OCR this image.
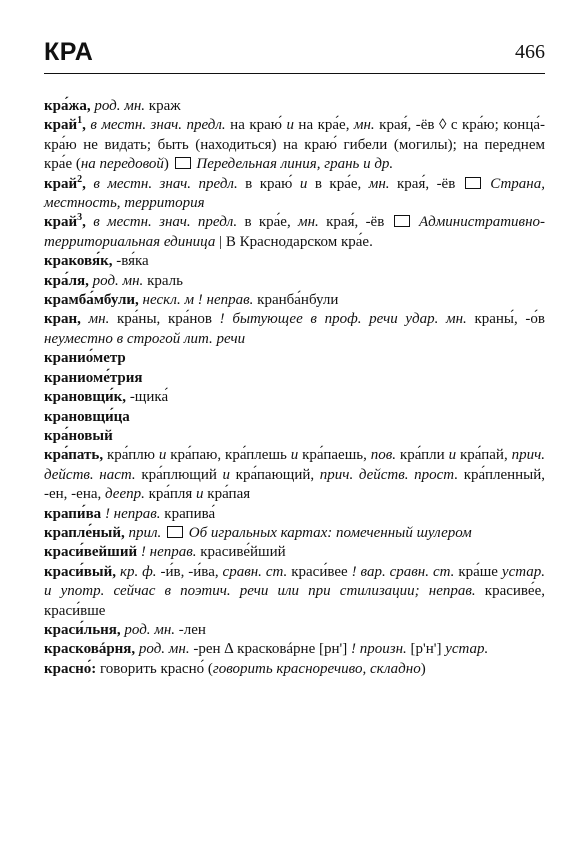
КРА	466

кра́жа, род. мн. краж

край$^1$, в местн. знач. предл. на краю́ и на кра́е, мн. края́, -ёв ◊ с кра́ю; конца́-кра́ю не видать; быть (находиться) на краю́ гибели (могилы); на переднем кра́е (на передовой)  Передельная линия, грань и др.

край$^2$, в местн. знач. предл. в краю́ и в кра́е, мн. края́, -ёв  Страна, местность, территория

край$^3$, в местн. знач. предл. в кра́е, мн. края́, -ёв  Административно-территориальная единица | В Краснодарском кра́е.

краковя́к, -вя́ка

кра́ля, род. мн. краль

крамба́мбули, нескл. м ! неправ. кранба́нбули

кран, мн. кра́ны, кра́нов ! бытующее в проф. речи удар. мн. краны́, -о́в неуместно в строгой лит. речи

кранио́метр

краниоме́трия

крановщи́к, -щика́

крановщи́ца

кра́новый

кра́пать, кра́плю и кра́паю, кра́плешь и кра́паешь, пов. кра́пли и кра́пай, прич. действ. наст. кра́плющий и кра́пающий, прич. действ. прост. кра́пленный, -ен, -ена, деепр. кра́пля и кра́пая

крапи́ва ! неправ. крапива́

крапле́ный, прил.  Об игральных картах: помеченный шулером

краси́вейший ! неправ. красиве́йший

краси́вый, кр. ф. -и́в, -и́ва, сравн. ст. краси́вее ! вар. сравн. ст. кра́ше устар. и употр. сейчас в поэтич. речи или при стилизации; неправ. красиве́е, краси́вше

краси́льня, род. мн. -лен

красковáрня, род. мн. -рен ∆ красковáрне [рн'] ! произн. [р'н'] устар.

красно́: говорить красно́ (говорить красноречиво, складно)
